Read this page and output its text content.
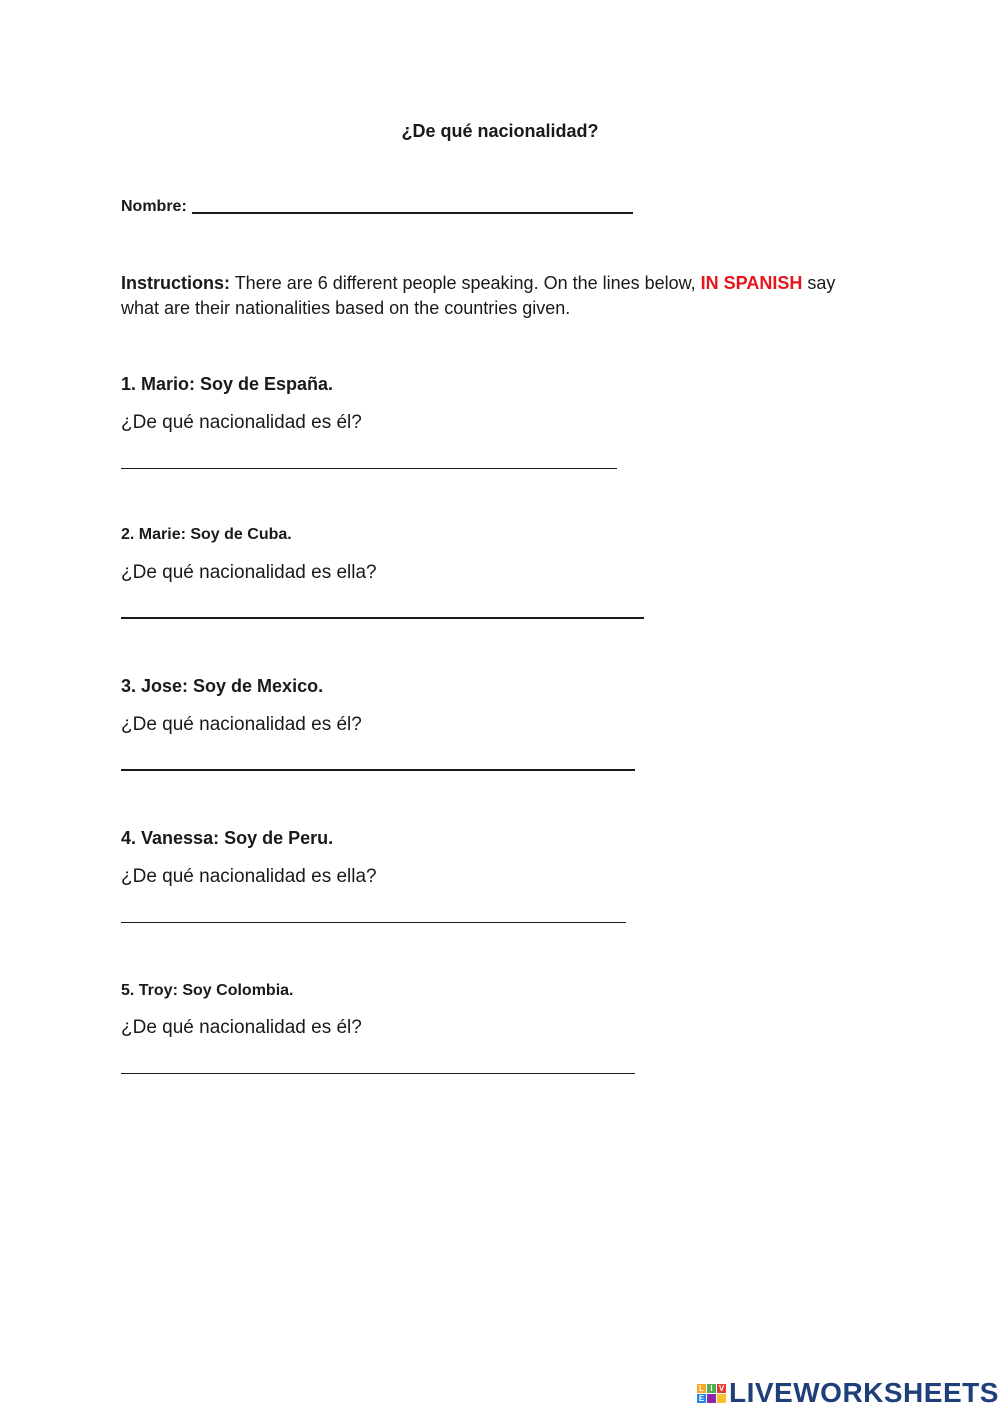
¿De qué nacionalidad?
Nombre:
Instructions: There are 6 different people speaking. On the lines below, IN SPANISH say what are their nationalities based on the countries given.
1. Mario: Soy de España.
¿De qué nacionalidad es él?
2. Marie: Soy de Cuba.
¿De qué nacionalidad es ella?
3. Jose: Soy de Mexico.
¿De qué nacionalidad es él?
4. Vanessa: Soy de Peru.
¿De qué nacionalidad es ella?
5. Troy: Soy Colombia.
¿De qué nacionalidad es él?
L I V
E LIVEWORKSHEETS
